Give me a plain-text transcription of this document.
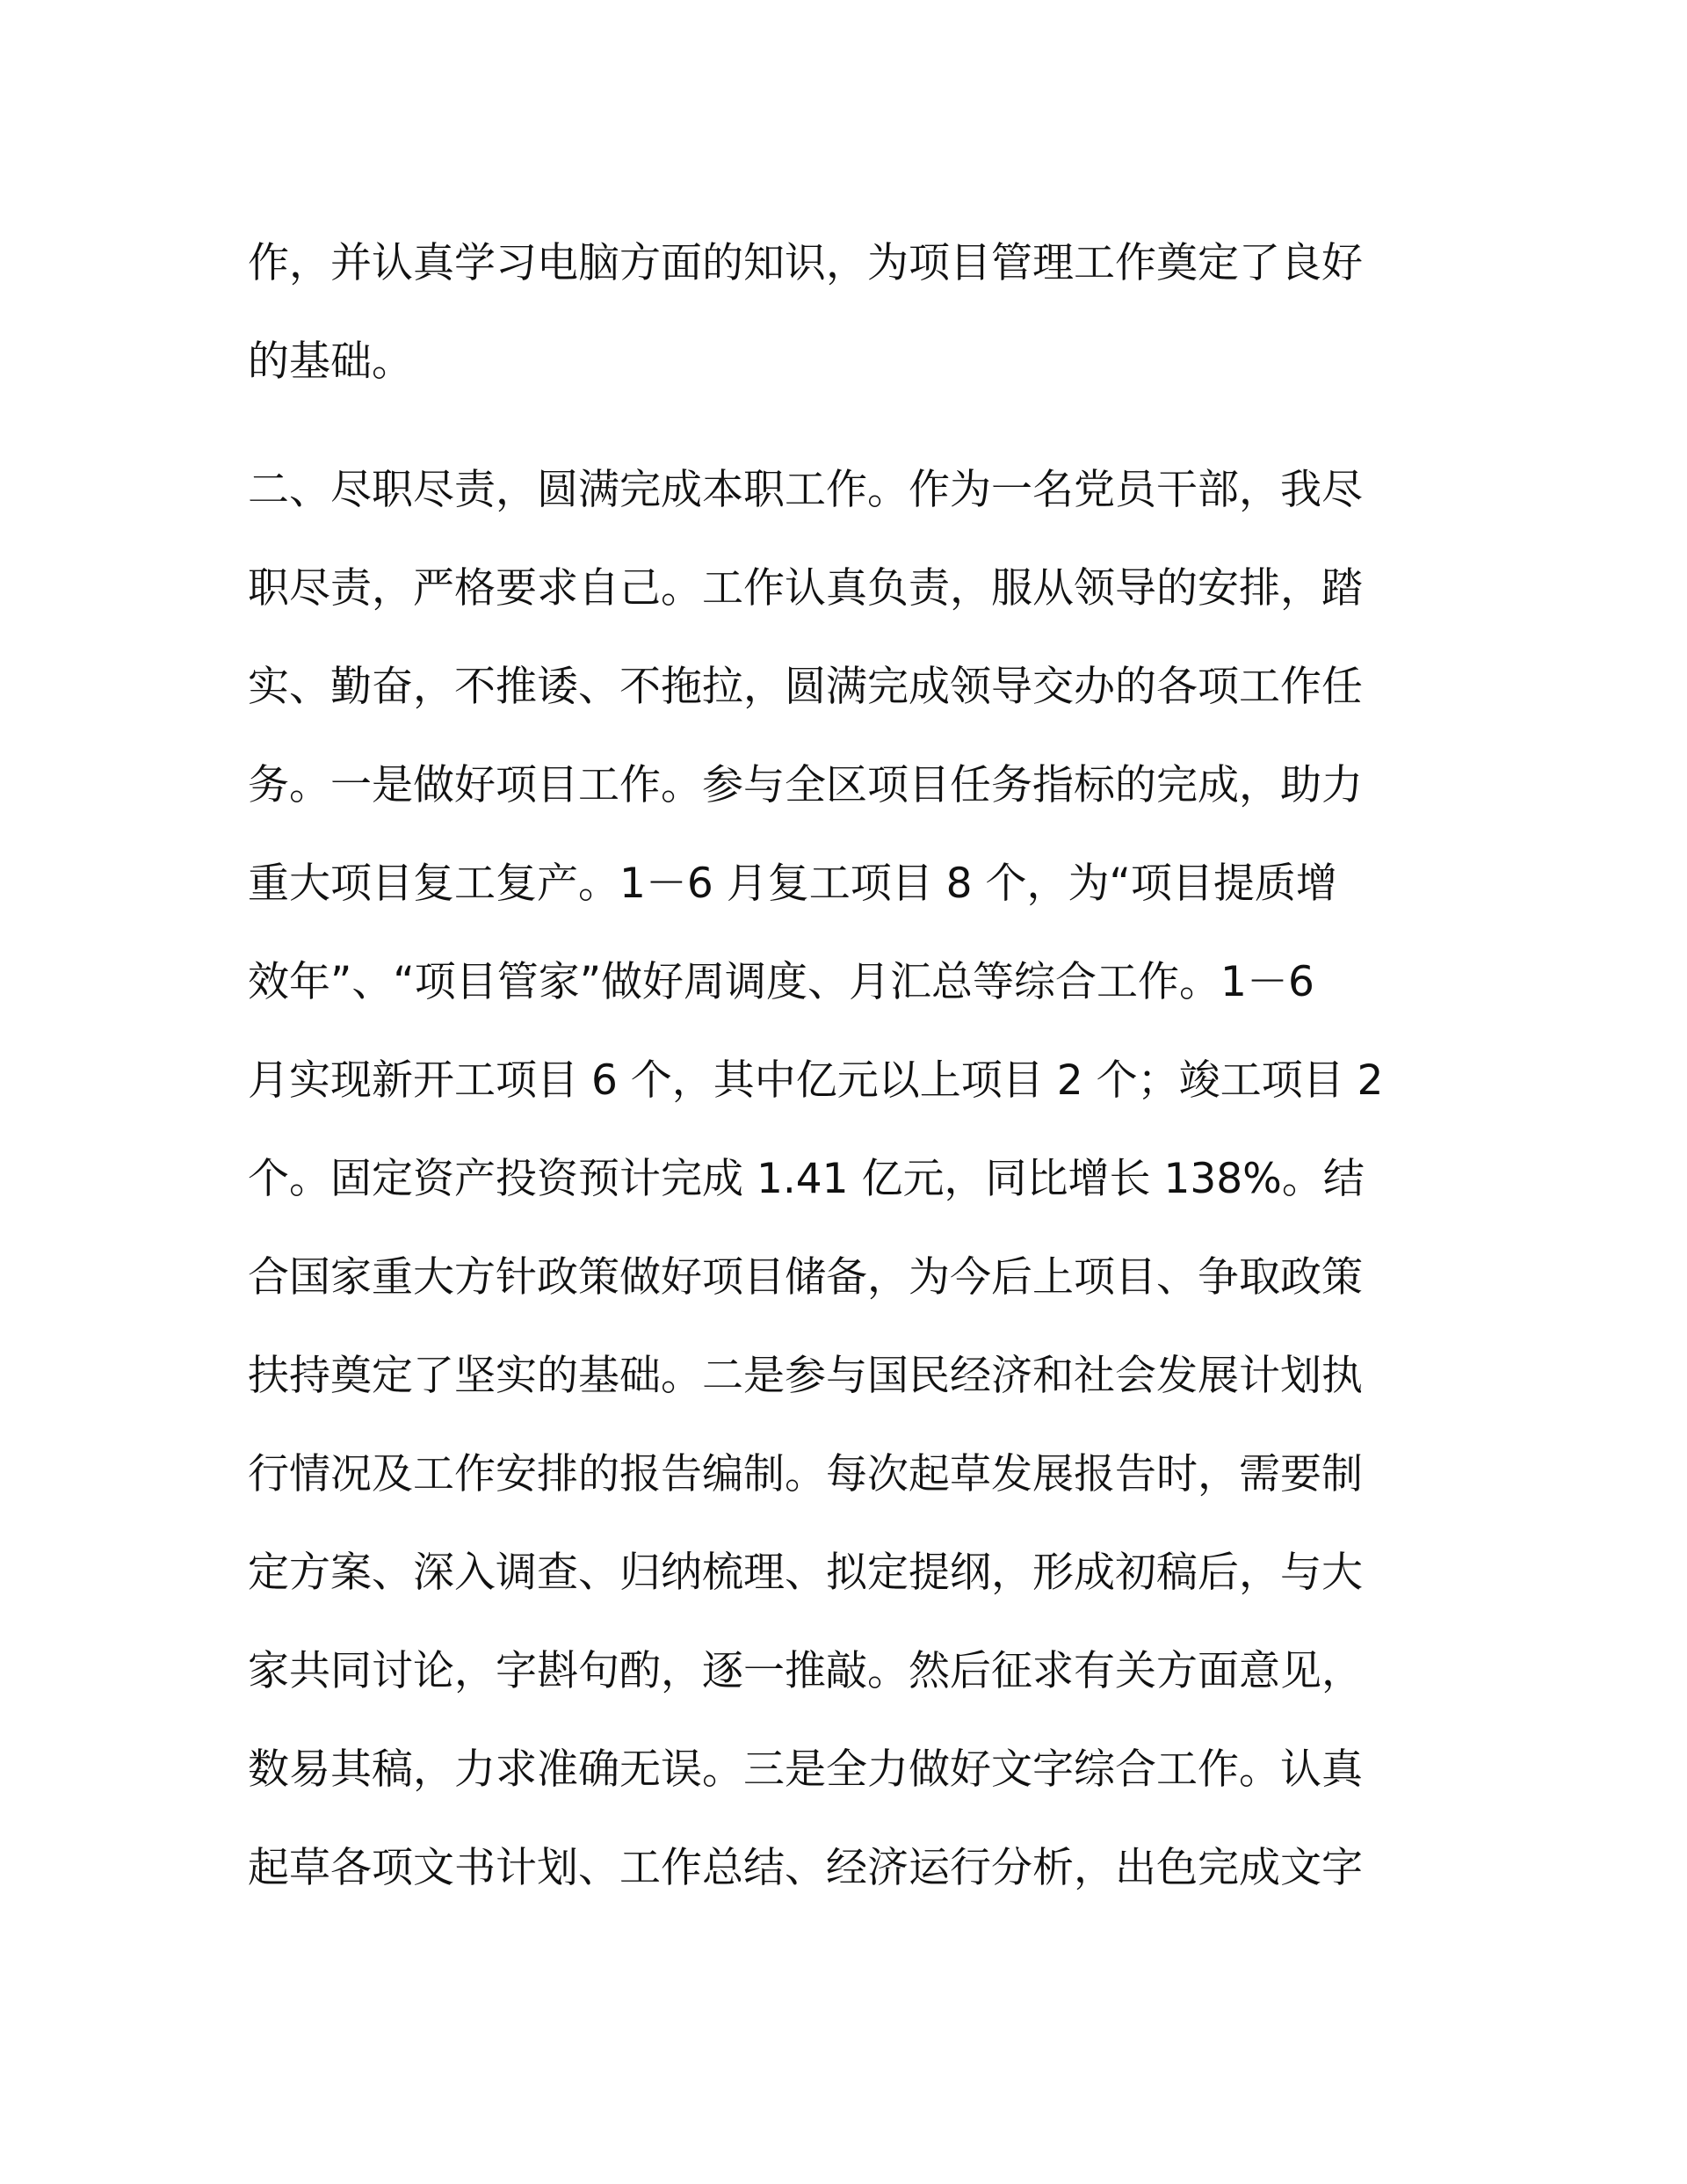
作，并认真学习电脑方面的知识，为项目管理工作奠定了良好
的基础。
二、尽职尽责，圆满完成本职工作。作为一名党员干部，我尽
职尽责，严格要求自己。工作认真负责，服从领导的安排，踏
实、勤奋，不推诿、不拖拉，圆满完成领导交办的各项工作任
务。一是做好项目工作。参与全区项目任务指标的完成，助力
重大项目复工复产。1－6 月复工项目 8 个，为“项目提质增
效年”、“项目管家”做好周调度、月汇总等综合工作。1－6
月实现新开工项目 6 个，其中亿元以上项目 2 个；竣工项目 2
个。固定资产投资预计完成 1.41 亿元，同比增长 138%。结
合国家重大方针政策做好项目储备，为今后上项目、争取政策
扶持奠定了坚实的基础。二是参与国民经济和社会发展计划执
行情况及工作安排的报告编制。每次起草发展报告时，需要制
定方案、深入调查、归纳梳理、拟定提纲，形成初稿后，与大
家共同讨论，字斟句酌，逐一推敲。然后征求有关方面意见，
数易其稿，力求准确无误。三是全力做好文字综合工作。认真
起草各项文书计划、工作总结、经济运行分析，出色完成文字
